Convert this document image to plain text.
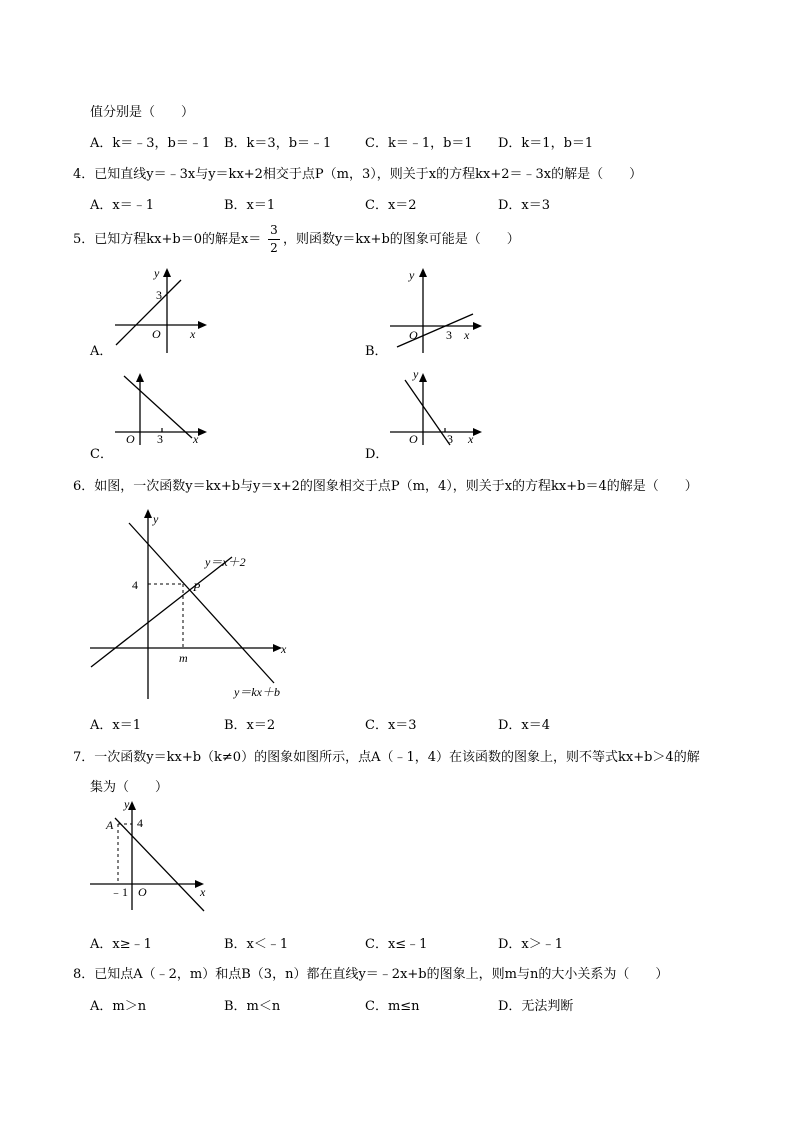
值分别是（　　）
A．k＝﹣3，b＝﹣1 B．k＝3，b＝﹣1	C．k＝﹣1，b＝1 D．k＝1，b＝1
4．已知直线y＝﹣3x与y＝kx+2相交于点P（m，3），则关于x的方程kx+2＝﹣3x的解是（　　）
A．x＝﹣1	B．x＝1	C．x＝2	D．x＝3
5．已知方程kx+b＝0的解是x＝
3
2
，则函数y＝kx+b的图象可能是（　　）
y
3
O x
A．
y
O 3 x
B．
O 3	x
C．
y
O 3 x
D．
6．如图，一次函数y＝kx+b与y＝x+2的图象相交于点P（m，4），则关于x的方程kx+b＝4的解是（　　）
y
4	P
m
x
y＝x＋2
y＝kx＋b
A．x＝1	B．x＝2	C．x＝3	D．x＝4
7．一次函数y＝kx+b（k≠0）的图象如图所示，点A（﹣1，4）在该函数的图象上，则不等式kx+b＞4的解
集为（　　）
y
A 4
﹣1 O	x
A．x≥﹣1	B．x＜﹣1	C．x≤﹣1	D．x＞﹣1
8．已知点A（﹣2，m）和点B（3，n）都在直线y＝﹣2x+b的图象上，则m与n的大小关系为（　　）
A．m＞n	B．m＜n	C．m≤n	D．无法判断
